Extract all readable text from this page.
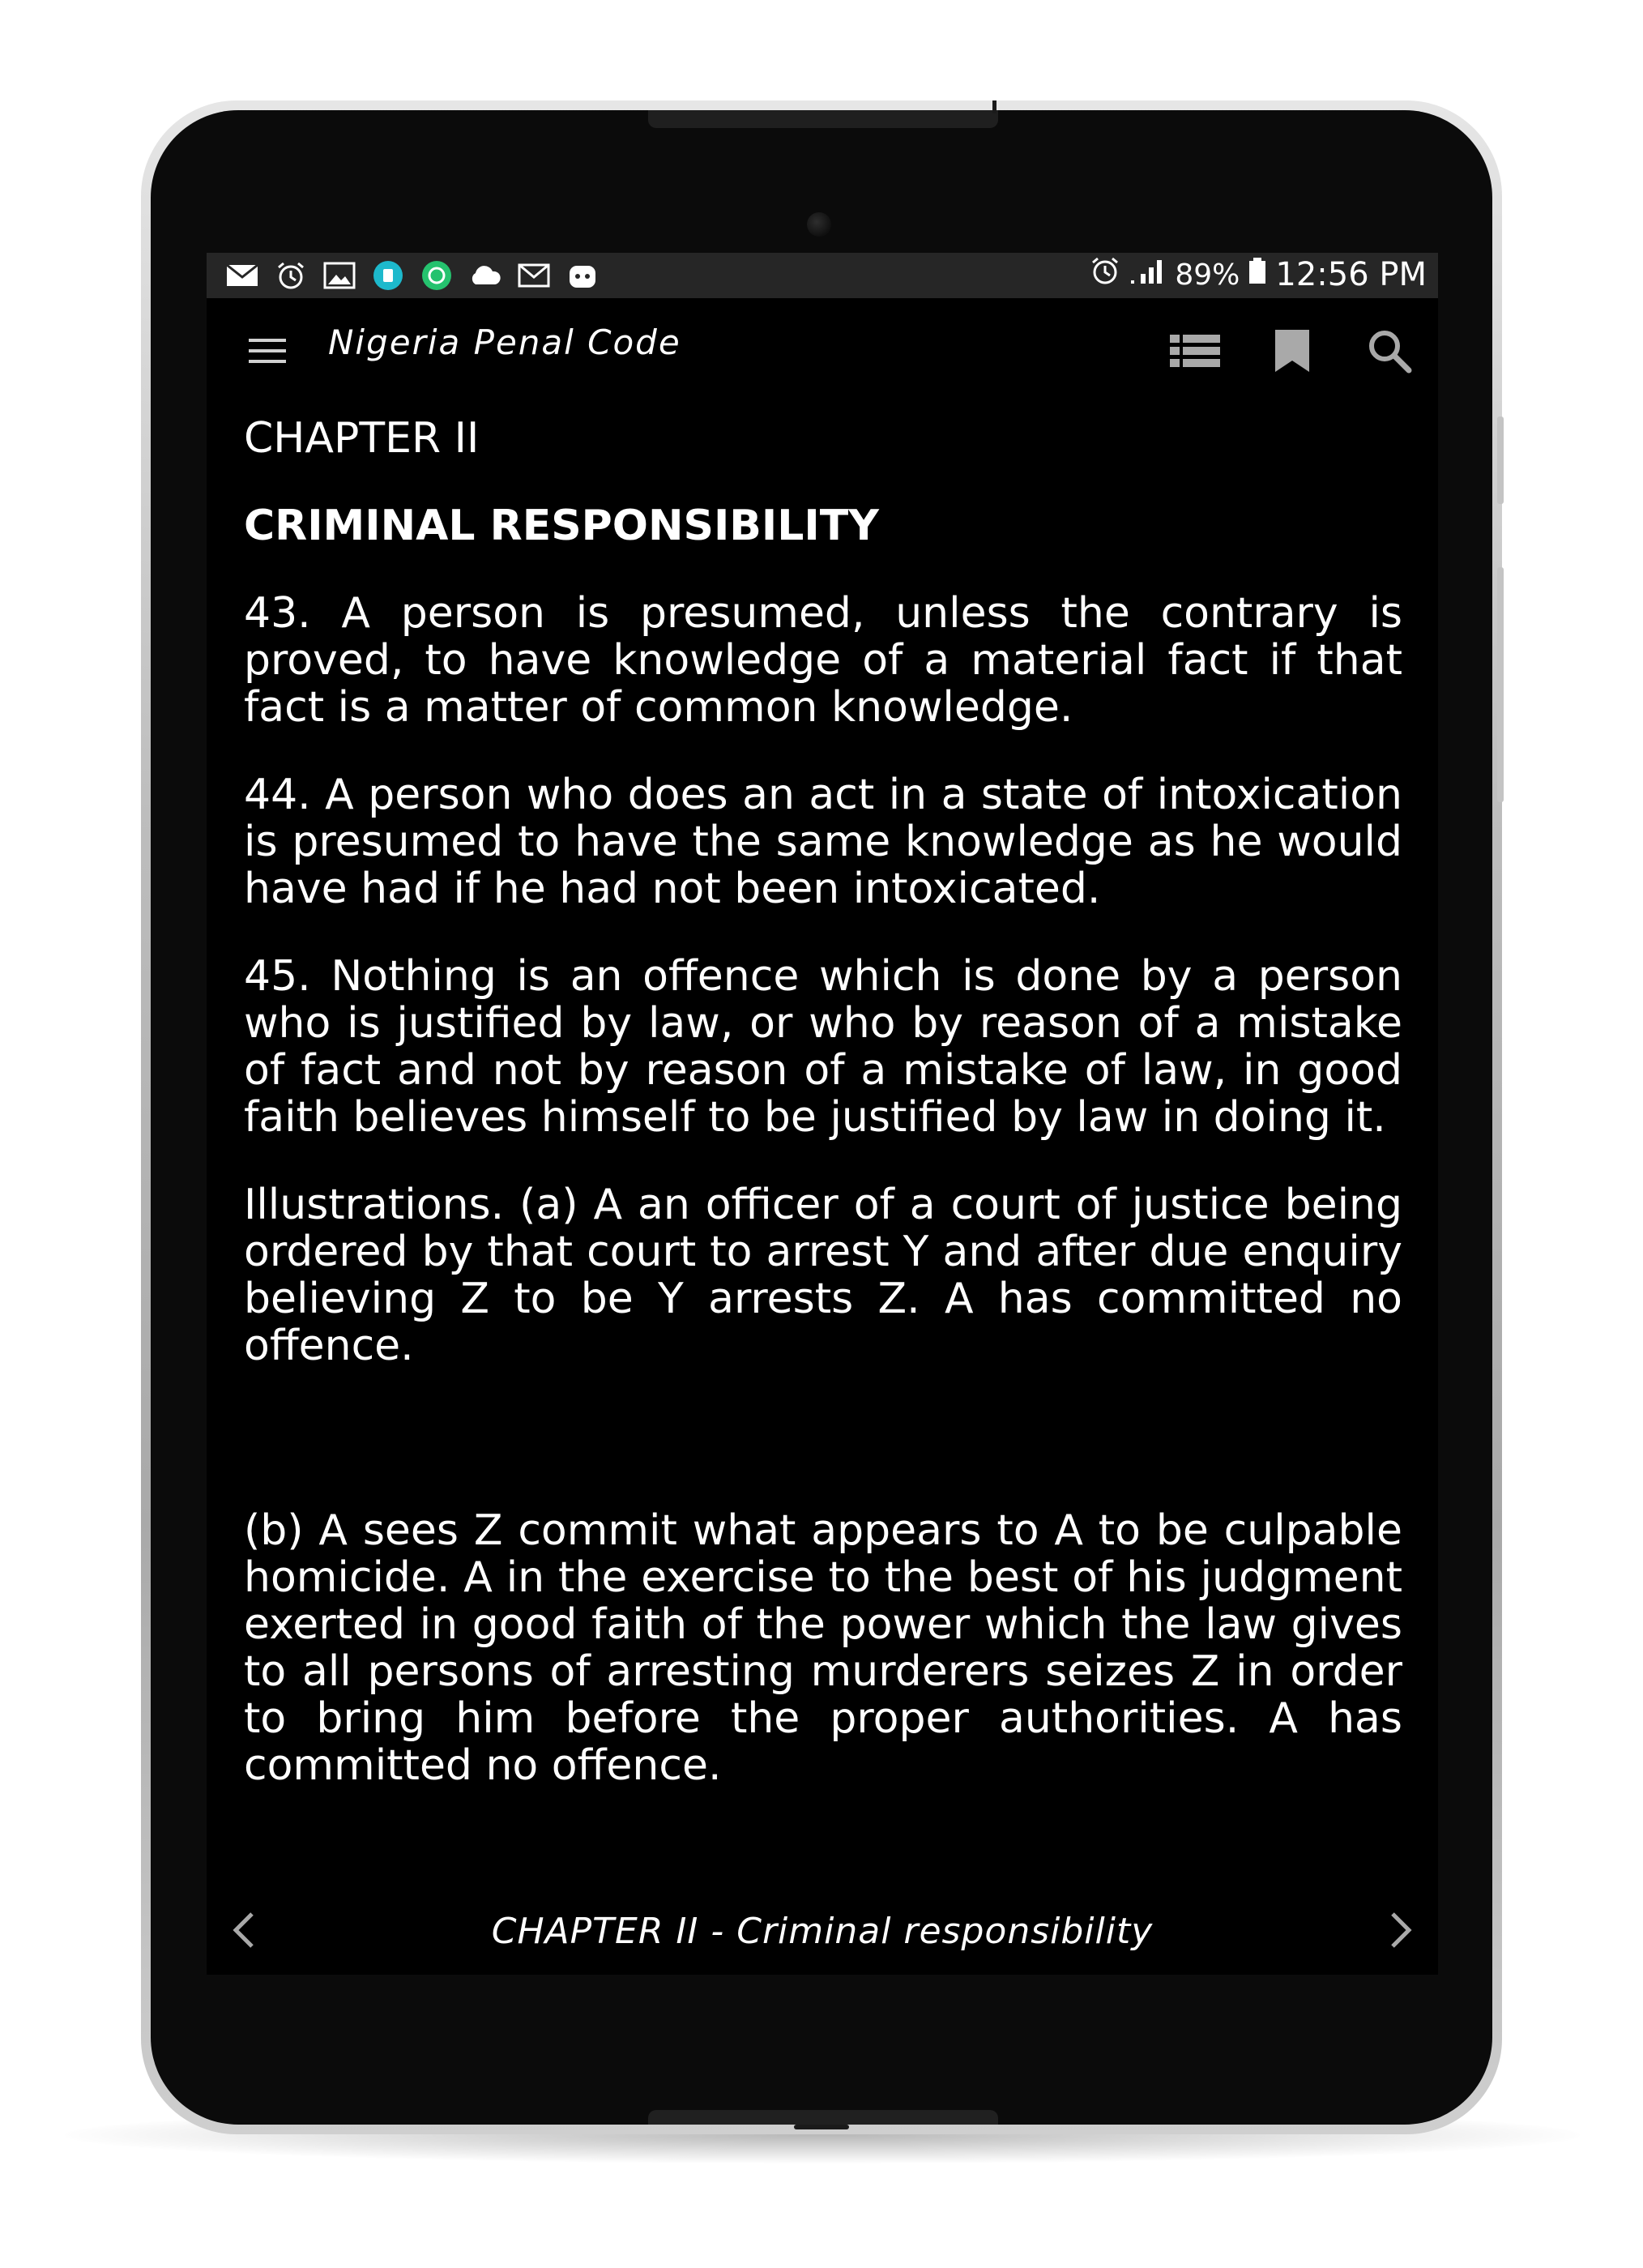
89% 12:56 PM
Nigeria Penal Code

CHAPTER II

CRIMINAL RESPONSIBILITY

43. A person is presumed, unless the contrary is proved, to have knowledge of a material fact if that fact is a matter of common knowledge.

44. A person who does an act in a state of intoxication is presumed to have the same knowledge as he would have had if he had not been intoxicated.

45. Nothing is an offence which is done by a person who is justified by law, or who by reason of a mistake of fact and not by reason of a mistake of law, in good faith believes himself to be justified by law in doing it.

Illustrations. (a) A an officer of a court of justice being ordered by that court to arrest Y and after due enquiry believing Z to be Y arrests Z. A has committed no offence.

(b) A sees Z commit what appears to A to be culpable homicide. A in the exercise to the best of his judgment exerted in good faith of the power which the law gives to all persons of arresting murderers seizes Z in order to bring him before the proper authorities. A has committed no offence.

CHAPTER II - Criminal responsibility
